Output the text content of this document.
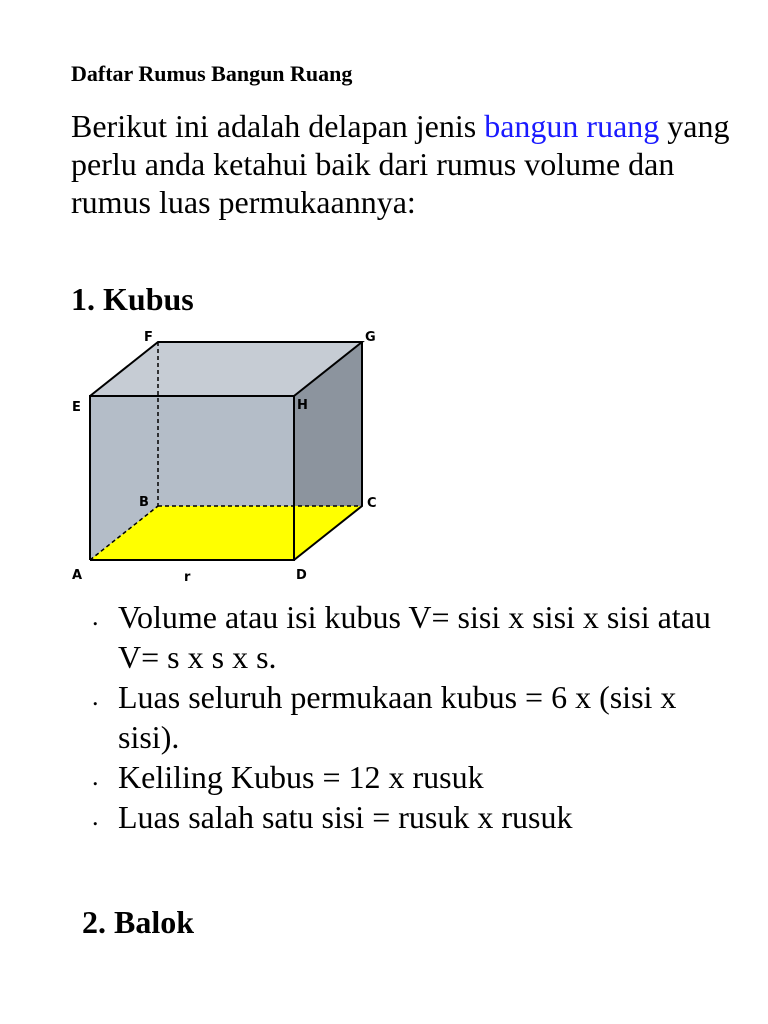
Daftar Rumus Bangun Ruang

Berikut ini adalah delapan jenis bangun ruang yang perlu anda ketahui baik dari rumus volume dan rumus luas permukaannya:

1. Kubus
F	G
E	H
B	C
A	r	D
. Volume atau isi kubus V= sisi x sisi x sisi atau V= s x s x s.
. Luas seluruh permukaan kubus = 6 x (sisi x sisi).
. Keliling Kubus = 12 x rusuk
. Luas salah satu sisi = rusuk x rusuk
2. Balok
